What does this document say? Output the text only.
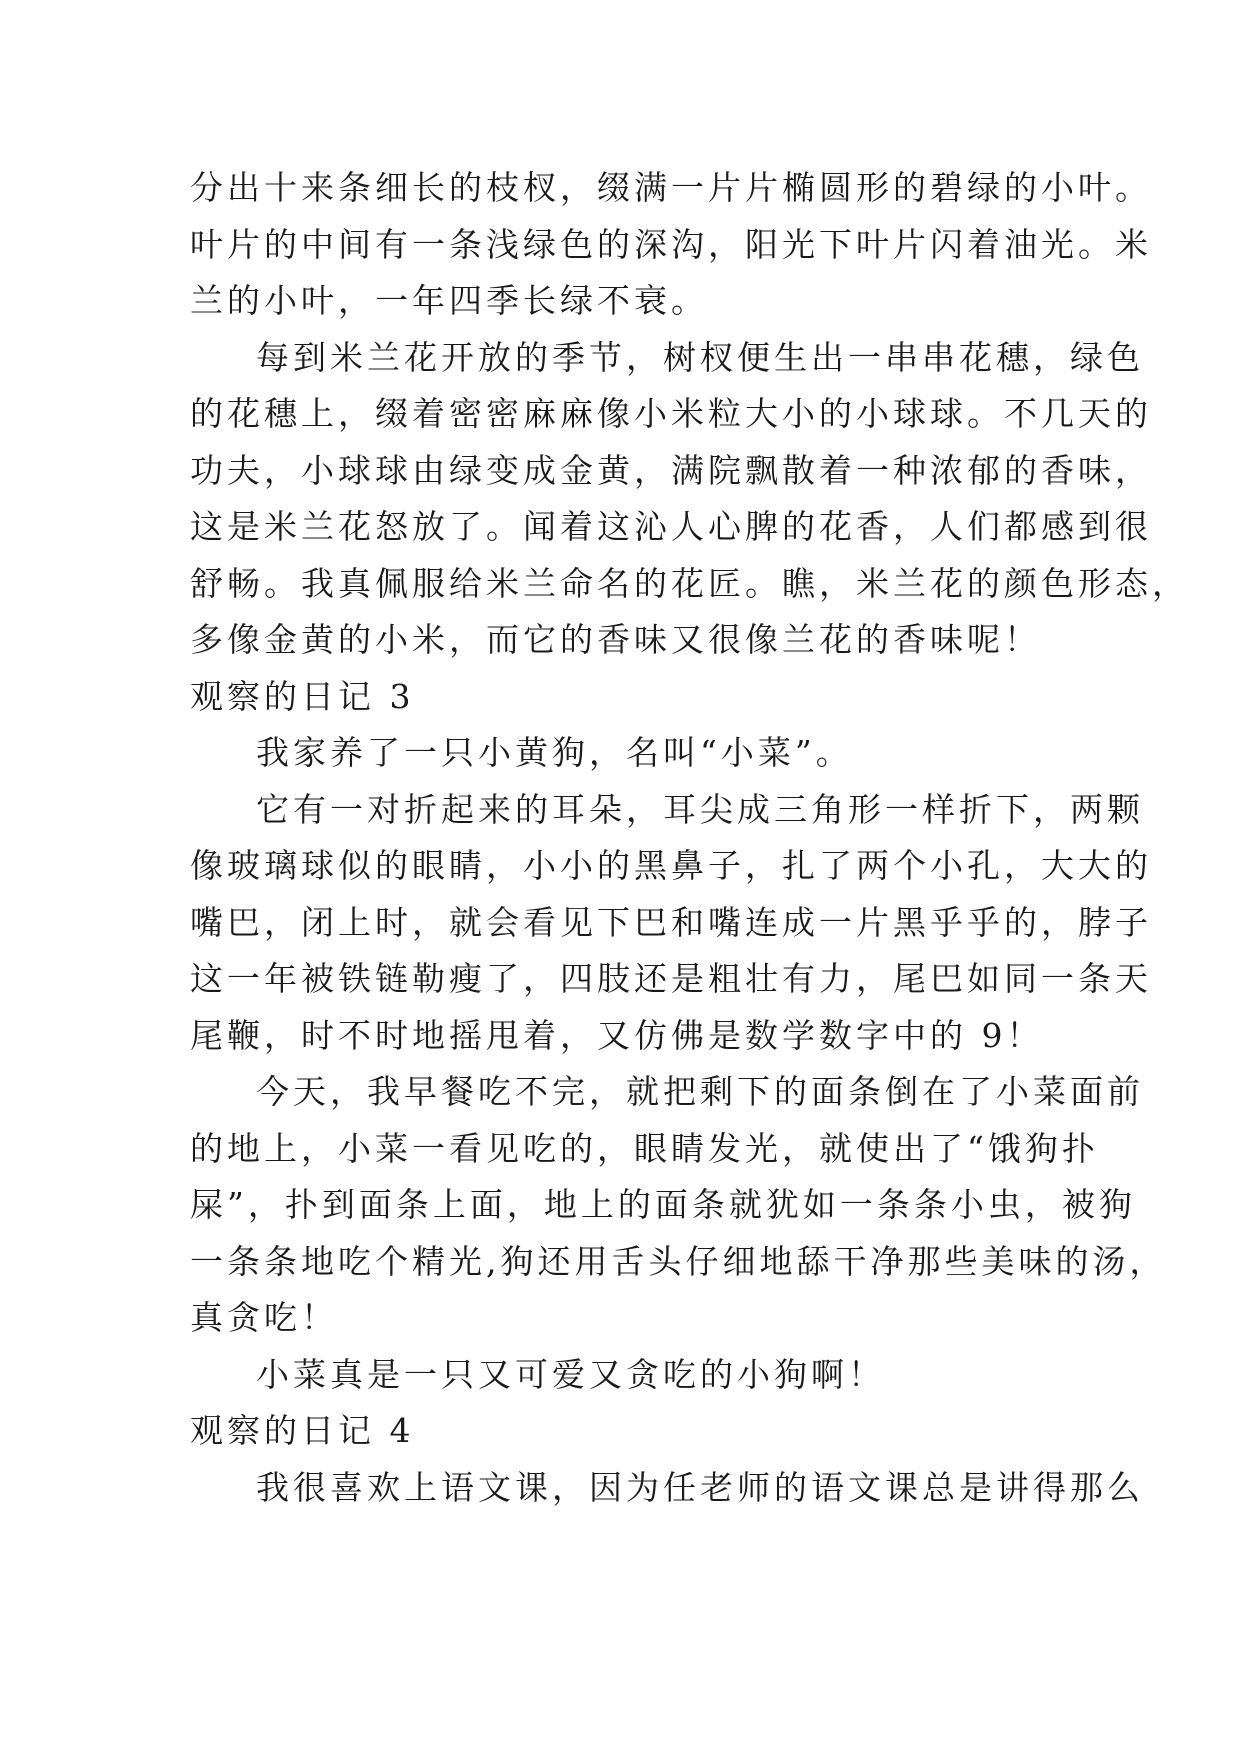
分出十来条细长的枝杈，缀满一片片椭圆形的碧绿的小叶。
叶片的中间有一条浅绿色的深沟，阳光下叶片闪着油光。米
兰的小叶，一年四季长绿不衰。
每到米兰花开放的季节，树杈便生出一串串花穗，绿色
的花穗上，缀着密密麻麻像小米粒大小的小球球。不几天的
功夫，小球球由绿变成金黄，满院飘散着一种浓郁的香味，
这是米兰花怒放了。闻着这沁人心脾的花香，人们都感到很
舒畅。我真佩服给米兰命名的花匠。瞧，米兰花的颜色形态，
多像金黄的小米，而它的香味又很像兰花的香味呢！
观察的日记 3
我家养了一只小黄狗，名叫“小菜”。
它有一对折起来的耳朵，耳尖成三角形一样折下，两颗
像玻璃球似的眼睛，小小的黑鼻子，扎了两个小孔，大大的
嘴巴，闭上时，就会看见下巴和嘴连成一片黑乎乎的，脖子
这一年被铁链勒瘦了，四肢还是粗壮有力，尾巴如同一条天
尾鞭，时不时地摇甩着，又仿佛是数学数字中的 9！
今天，我早餐吃不完，就把剩下的面条倒在了小菜面前
的地上，小菜一看见吃的，眼睛发光，就使出了“饿狗扑
屎”，扑到面条上面，地上的面条就犹如一条条小虫，被狗
一条条地吃个精光,狗还用舌头仔细地舔干净那些美味的汤，
真贪吃！
小菜真是一只又可爱又贪吃的小狗啊！
观察的日记 4
我很喜欢上语文课，因为任老师的语文课总是讲得那么
